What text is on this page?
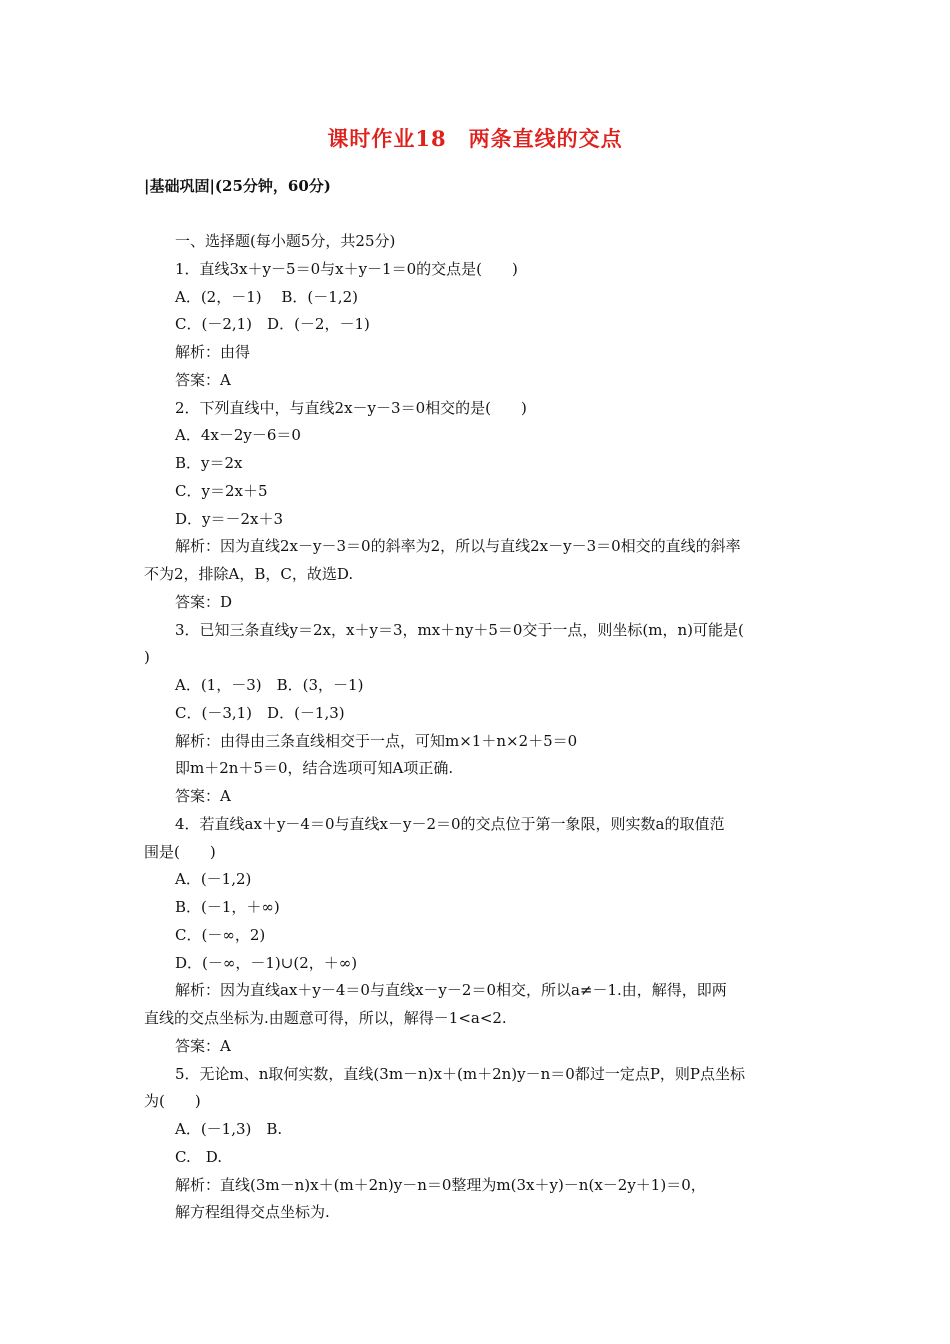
课时作业18　两条直线的交点
|基础巩固|(25分钟，60分)
一、选择题(每小题5分，共25分)
1．直线3x＋y－5＝0与x＋y－1＝0的交点是(　　)
A．(2，－1)　 B．(－1,2)
C．(－2,1)　D．(－2，－1)
解析：由得
答案：A
2．下列直线中，与直线2x－y－3＝0相交的是(　　)
A．4x－2y－6＝0
B．y＝2x
C．y＝2x＋5
D．y＝－2x＋3
解析：因为直线2x－y－3＝0的斜率为2，所以与直线2x－y－3＝0相交的直线的斜率
不为2，排除A，B，C，故选D.
答案：D
3．已知三条直线y＝2x，x＋y＝3，mx＋ny＋5＝0交于一点，则坐标(m，n)可能是(
)
A．(1，－3)　B．(3，－1)
C．(－3,1)　D．(－1,3)
解析：由得由三条直线相交于一点，可知m×1＋n×2＋5＝0
即m＋2n＋5＝0，结合选项可知A项正确.
答案：A
4．若直线ax＋y－4＝0与直线x－y－2＝0的交点位于第一象限，则实数a的取值范
围是(　　)
A．(－1,2)
B．(－1，＋∞)
C．(－∞，2)
D．(－∞，－1)∪(2，＋∞)
解析：因为直线ax＋y－4＝0与直线x－y－2＝0相交，所以a≠－1.由，解得，即两
直线的交点坐标为.由题意可得，所以，解得－1<a<2.
答案：A
5．无论m、n取何实数，直线(3m－n)x＋(m＋2n)y－n＝0都过一定点P，则P点坐标
为(　　)
A．(－1,3)　B.
C.　D.
解析：直线(3m－n)x＋(m＋2n)y－n＝0整理为m(3x＋y)－n(x－2y＋1)＝0，
解方程组得交点坐标为.
